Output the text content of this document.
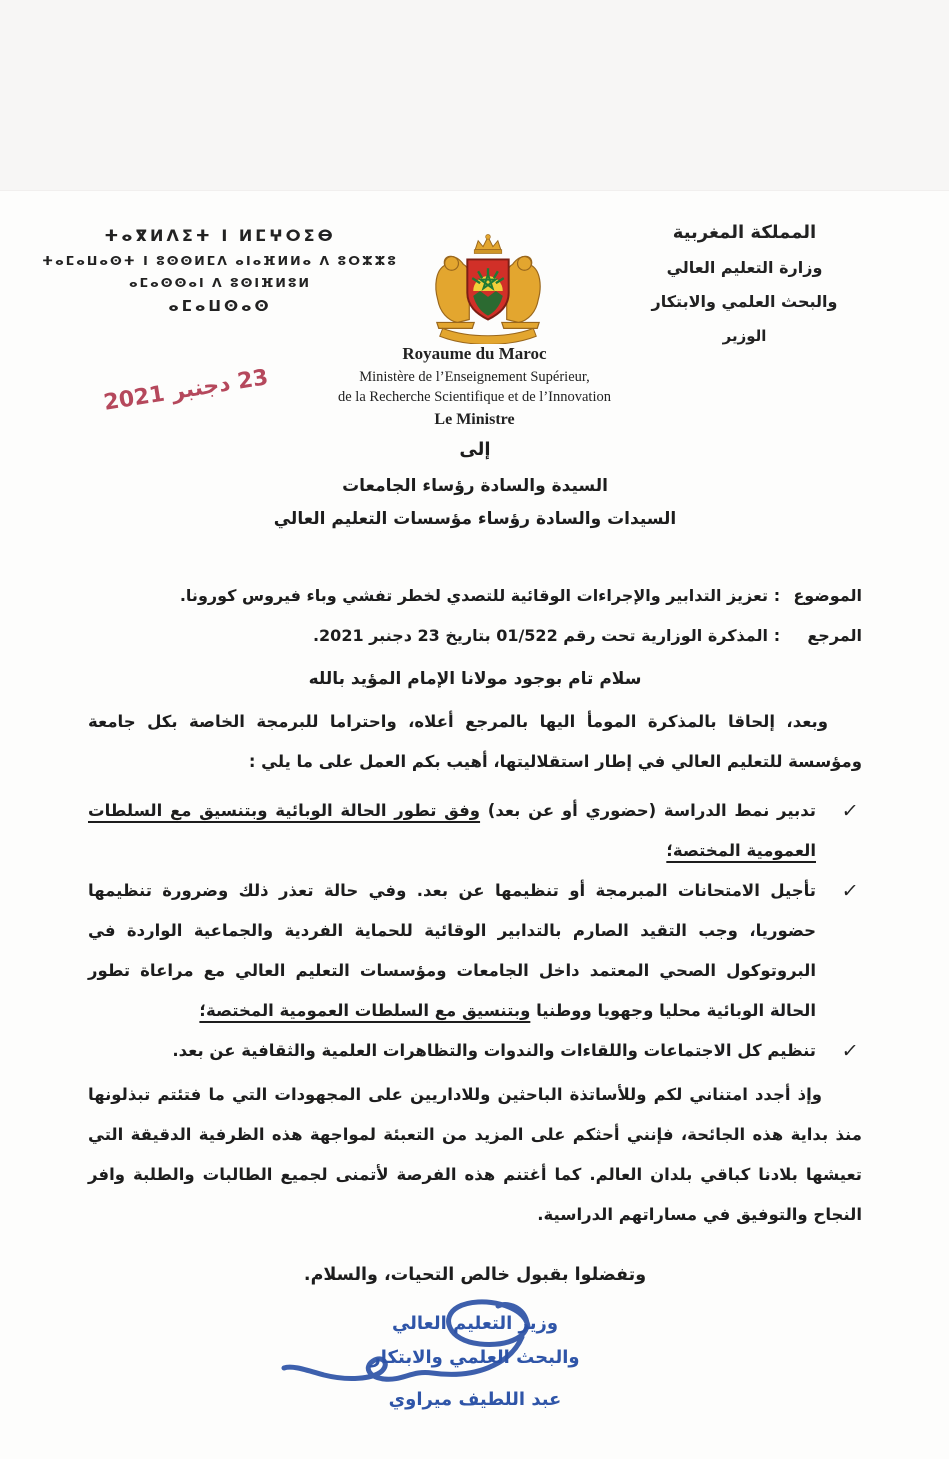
ⵜⴰⴳⵍⴷⵉⵜ ⵏ ⵍⵎⵖⵔⵉⴱ
ⵜⴰⵎⴰⵡⴰⵙⵜ ⵏ ⵓⵙⵙⵍⵎⴷ ⴰⵏⴰⴼⵍⵍⴰ ⴷ ⵓⵔⵣⵣⵓ
ⴰⵎⴰⵙⵙⴰⵏ ⴷ ⵓⵙⵏⴼⵍⵓⵍ
ⴰⵎⴰⵡⵙⴰⵙ
المملكة المغربية
وزارة التعليم العالي
والبحث العلمي والابتكار
الوزير
Royaume du Maroc
Ministère de l’Enseignement Supérieur,
de la Recherche Scientifique et de l’Innovation
Le Ministre
23 دجنبر 2021
إلى
السيدة والسادة رؤساء الجامعات
السيدات والسادة رؤساء مؤسسات التعليم العالي
الموضوع
:
تعزيز التدابير والإجراءات الوقائية للتصدي لخطر تفشي وباء فيروس كورونا.
المرجع
:
المذكرة الوزارية تحت رقم 01/522 بتاريخ 23 دجنبر 2021.
سلام تام بوجود مولانا الإمام المؤيد بالله
وبعد، إلحاقا بالمذكرة المومأ اليها بالمرجع أعلاه، واحتراما للبرمجة الخاصة بكل جامعة ومؤسسة للتعليم العالي في إطار استقلاليتها، أهيب بكم العمل على ما يلي :
✓
تدبير نمط الدراسة (حضوري أو عن بعد) وفق تطور الحالة الوبائية وبتنسيق مع السلطات العمومية المختصة؛
✓
تأجيل الامتحانات المبرمجة أو تنظيمها عن بعد. وفي حالة تعذر ذلك وضرورة تنظيمها حضوريا، وجب التقيد الصارم بالتدابير الوقائية للحماية الفردية والجماعية الواردة في البروتوكول الصحي المعتمد داخل الجامعات ومؤسسات التعليم العالي مع مراعاة تطور الحالة الوبائية محليا وجهويا ووطنيا وبتنسيق مع السلطات العمومية المختصة؛
✓
تنظيم كل الاجتماعات واللقاءات والندوات والتظاهرات العلمية والثقافية عن بعد.
وإذ أجدد امتناني لكم وللأساتذة الباحثين وللاداريين على المجهودات التي ما فتئتم تبذلونها منذ بداية هذه الجائحة، فإنني أحثكم على المزيد من التعبئة لمواجهة هذه الظرفية الدقيقة التي تعيشها بلادنا كباقي بلدان العالم. كما أغتنم هذه الفرصة لأتمنى لجميع الطالبات والطلبة وافر النجاح والتوفيق في مساراتهم الدراسية.
وتفضلوا بقبول خالص التحيات، والسلام.
وزير التعليم العالي
والبحث العلمي والابتكار
عبد اللطيف ميراوي
